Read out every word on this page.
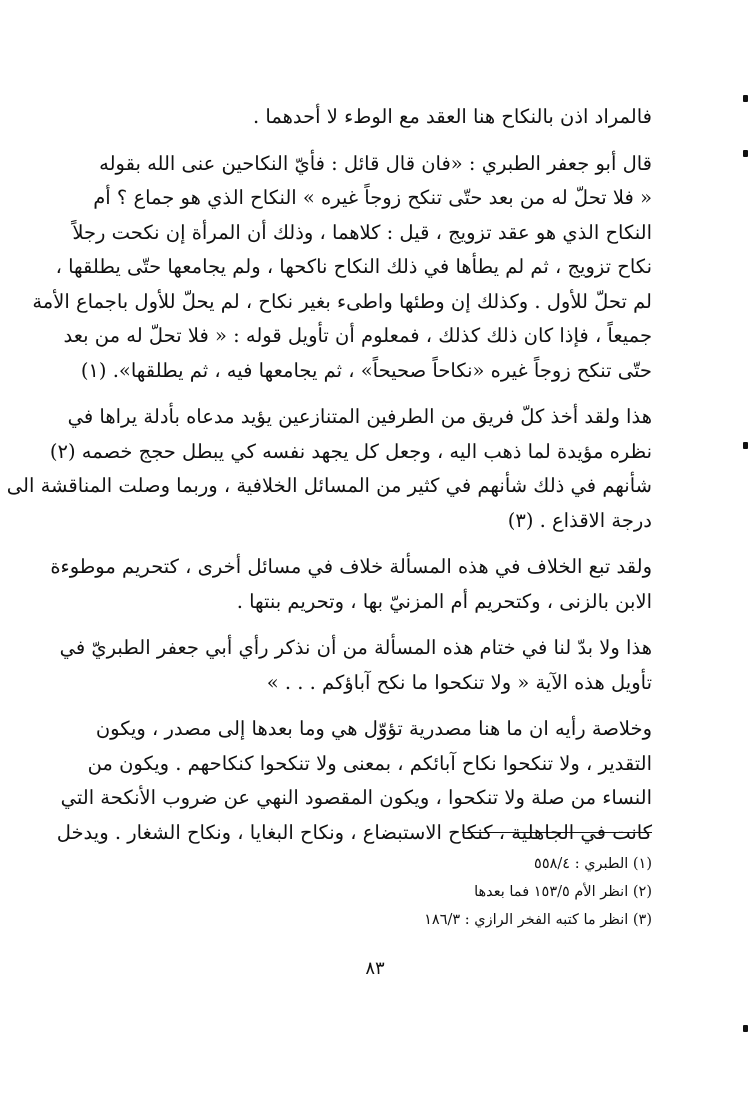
فالمراد اذن بالنكاح هنا العقد مع الوطء لا أحدهما .

قال أبو جعفر الطبري : «فان قال قائل : فأيّ النكاحين عنى الله بقوله
« فلا تحلّ له من بعد حتّى تنكح زوجاً غيره » النكاح الذي هو جماع ؟ أم
النكاح الذي هو عقد تزويج ، قيل : كلاهما ، وذلك أن المرأة إن نكحت رجلاً
نكاح تزويج ، ثم لم يطأها في ذلك النكاح ناكحها ، ولم يجامعها حتّى يطلقها ،
لم تحلّ للأول . وكذلك إن وطئها واطىء بغير نكاح ، لم يحلّ للأول باجماع الأمة
جميعاً ، فإذا كان ذلك كذلك ، فمعلوم أن تأويل قوله : « فلا تحلّ له من بعد
حتّى تنكح زوجاً غيره «نكاحاً صحيحاً» ، ثم يجامعها فيه ، ثم يطلقها». (١)

هذا ولقد أخذ كلّ فريق من الطرفين المتنازعين يؤيد مدعاه بأدلة يراها في
نظره مؤيدة لما ذهب اليه ، وجعل كل يجهد نفسه كي يبطل حجج خصمه (٢)
شأنهم في ذلك شأنهم في كثير من المسائل الخلافية ، وربما وصلت المناقشة الى
درجة الاقذاع . (٣)

ولقد تبع الخلاف في هذه المسألة خلاف في مسائل أخرى ، كتحريم موطوءة
الابن بالزنى ، وكتحريم أم المزنيّ بها ، وتحريم بنتها .

هذا ولا بدّ لنا في ختام هذه المسألة من أن نذكر رأي أبي جعفر الطبريّ في
تأويل هذه الآية « ولا تنكحوا ما نكح آباؤكم . . . »

وخلاصة رأيه ان ما هنا مصدرية تؤوّل هي وما بعدها إلى مصدر ، ويكون
التقدير ، ولا تنكحوا نكاح آبائكم ، بمعنى ولا تنكحوا كنكاحهم . ويكون من
النساء من صلة ولا تنكحوا ، ويكون المقصود النهي عن ضروب الأنكحة التي
كانت في الجاهلية ، كنكاح الاستبضاع ، ونكاح البغايا ، ونكاح الشغار . ويدخل

(١) الطبري : ٥٥٨/٤
(٢) انظر الأم ١٥٣/٥ فما بعدها
(٣) انظر ما كتبه الفخر الرازي : ١٨٦/٣
٨٣
